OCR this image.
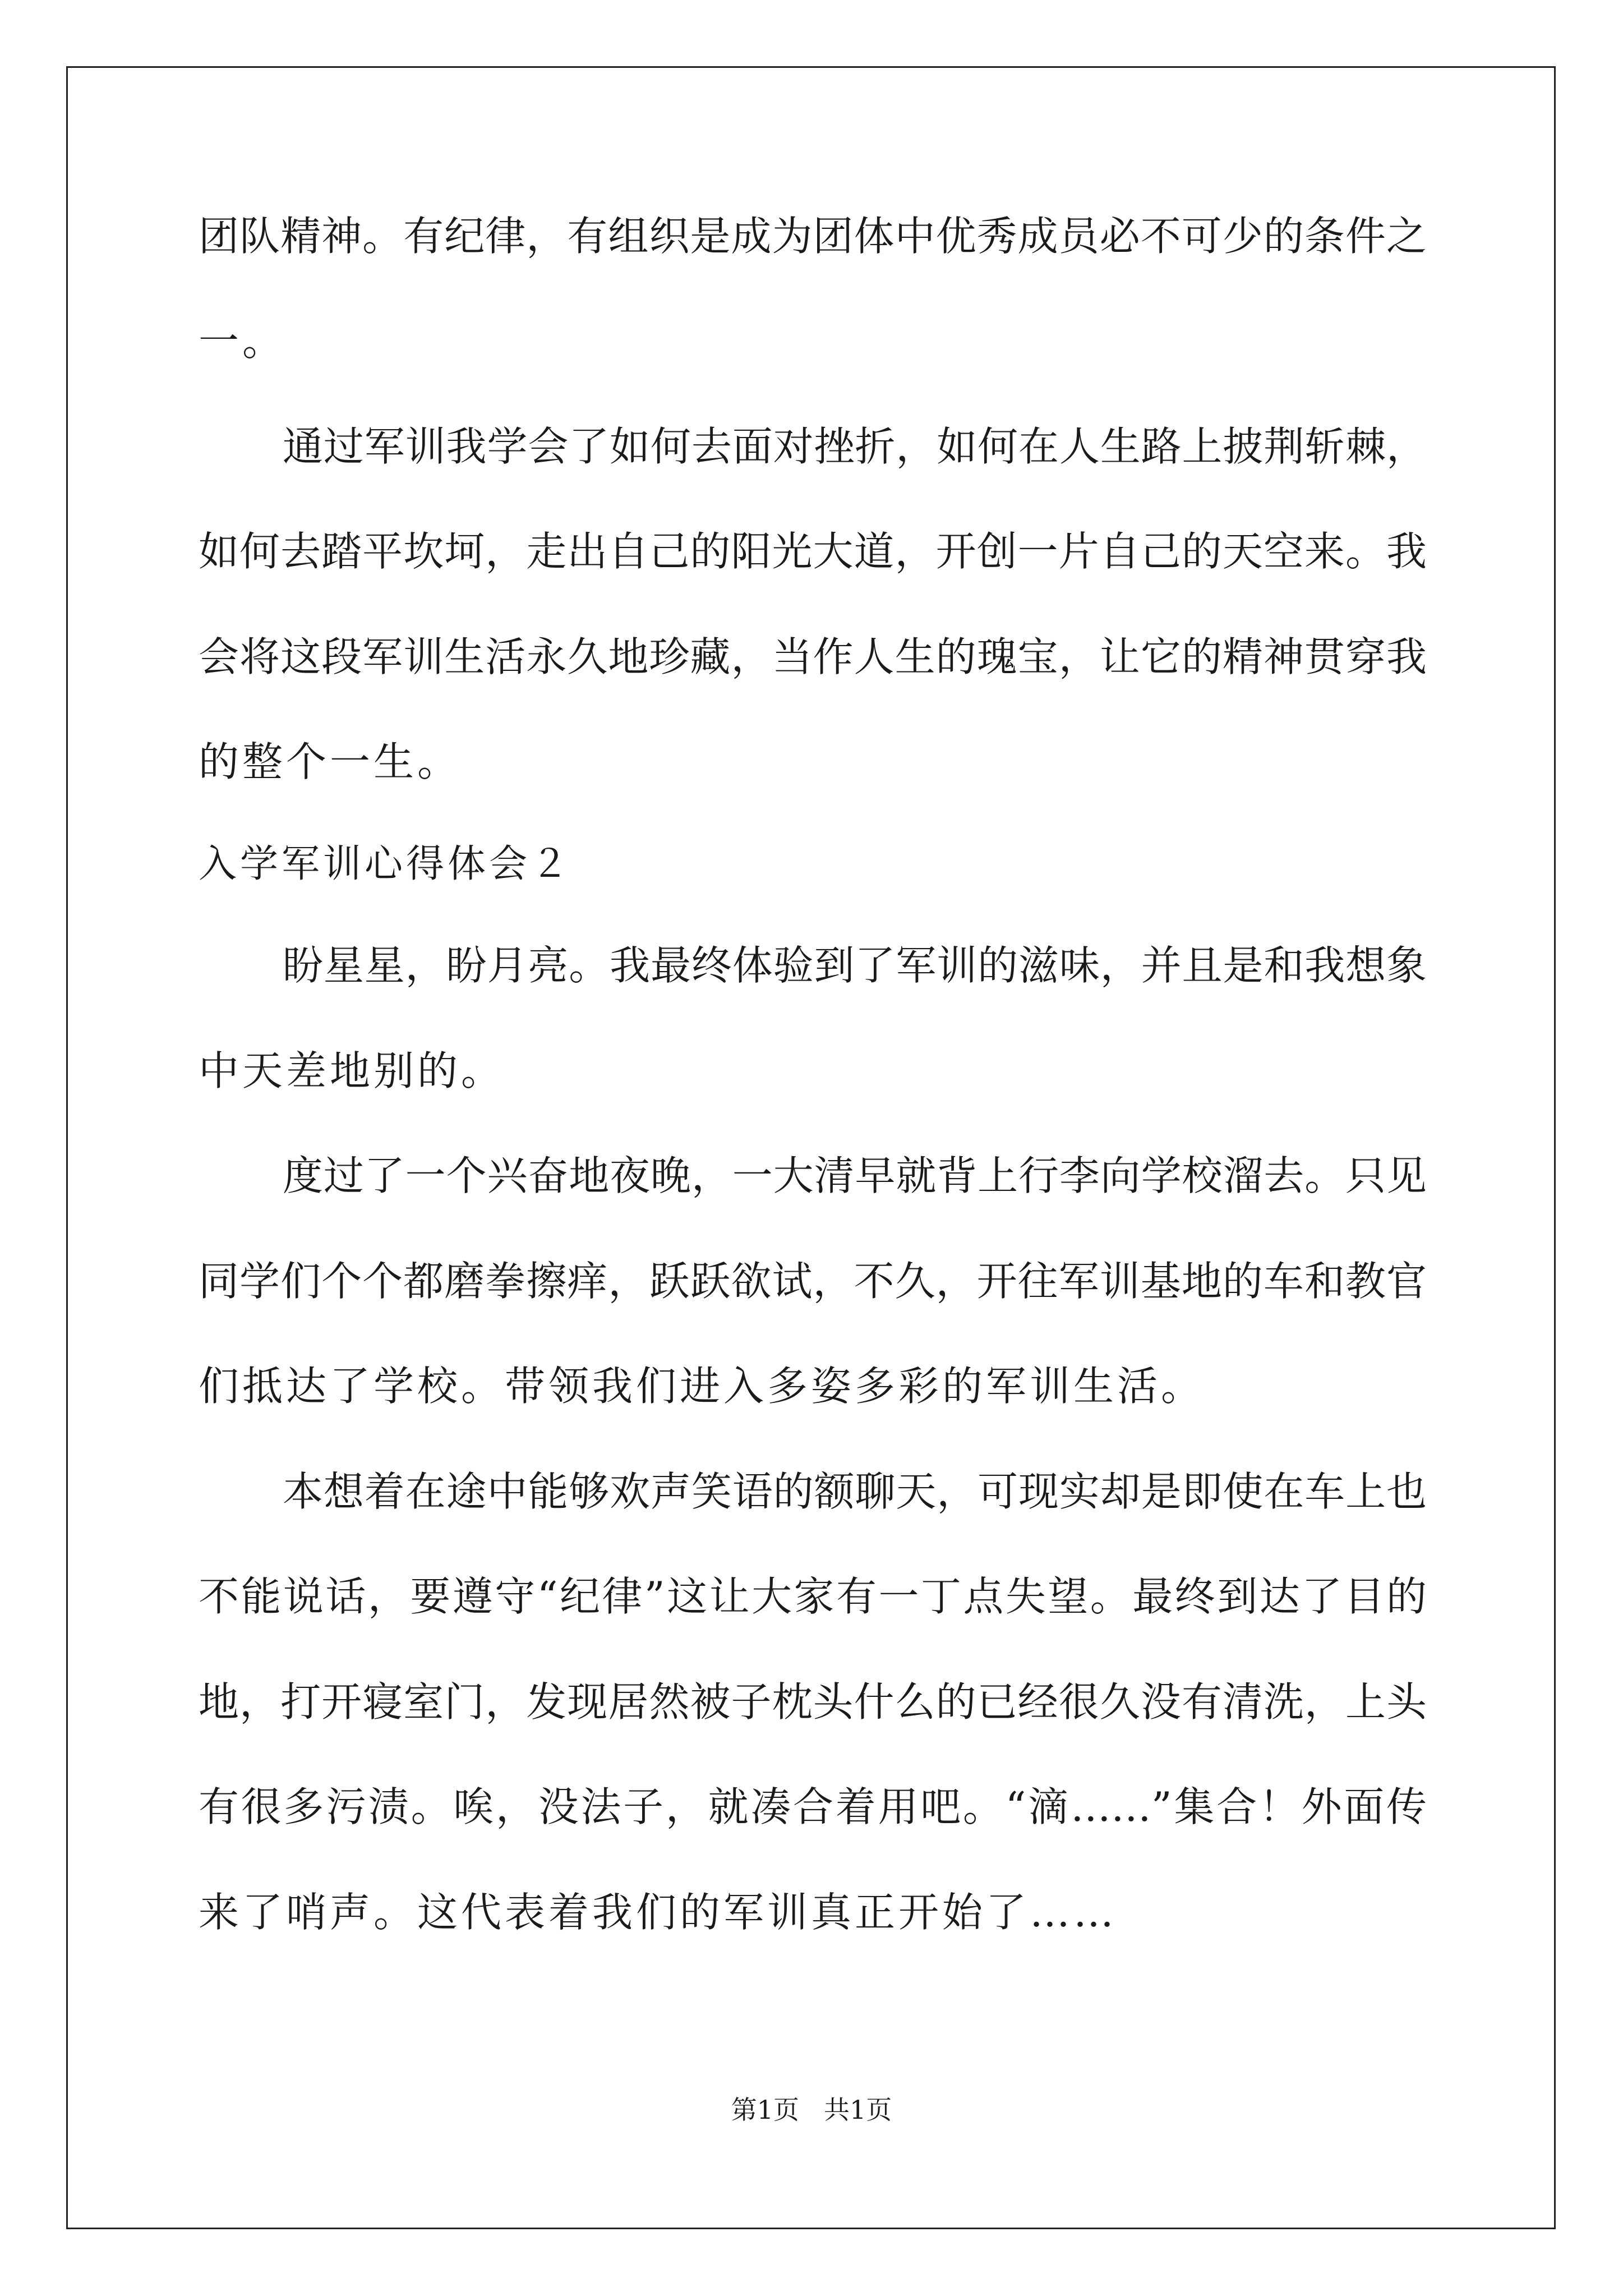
团队精神。有纪律，有组织是成为团体中优秀成员必不可少的条件之
一。
通过军训我学会了如何去面对挫折，如何在人生路上披荆斩棘，
如何去踏平坎坷，走出自己的阳光大道，开创一片自己的天空来。我
会将这段军训生活永久地珍藏，当作人生的瑰宝，让它的精神贯穿我
的整个一生。
入学军训心得体会２
盼星星，盼月亮。我最终体验到了军训的滋味，并且是和我想象
中天差地别的。
度过了一个兴奋地夜晚，一大清早就背上行李向学校溜去。只见
同学们个个都磨拳擦痒，跃跃欲试，不久，开往军训基地的车和教官
们抵达了学校。带领我们进入多姿多彩的军训生活。
本想着在途中能够欢声笑语的额聊天，可现实却是即使在车上也
不能说话，要遵守“纪律”这让大家有一丁点失望。最终到达了目的
地，打开寝室门，发现居然被子枕头什么的已经很久没有清洗，上头
有很多污渍。唉，没法子，就凑合着用吧。“滴……”集合！外面传
来了哨声。这代表着我们的军训真正开始了……
第1页 共1页
